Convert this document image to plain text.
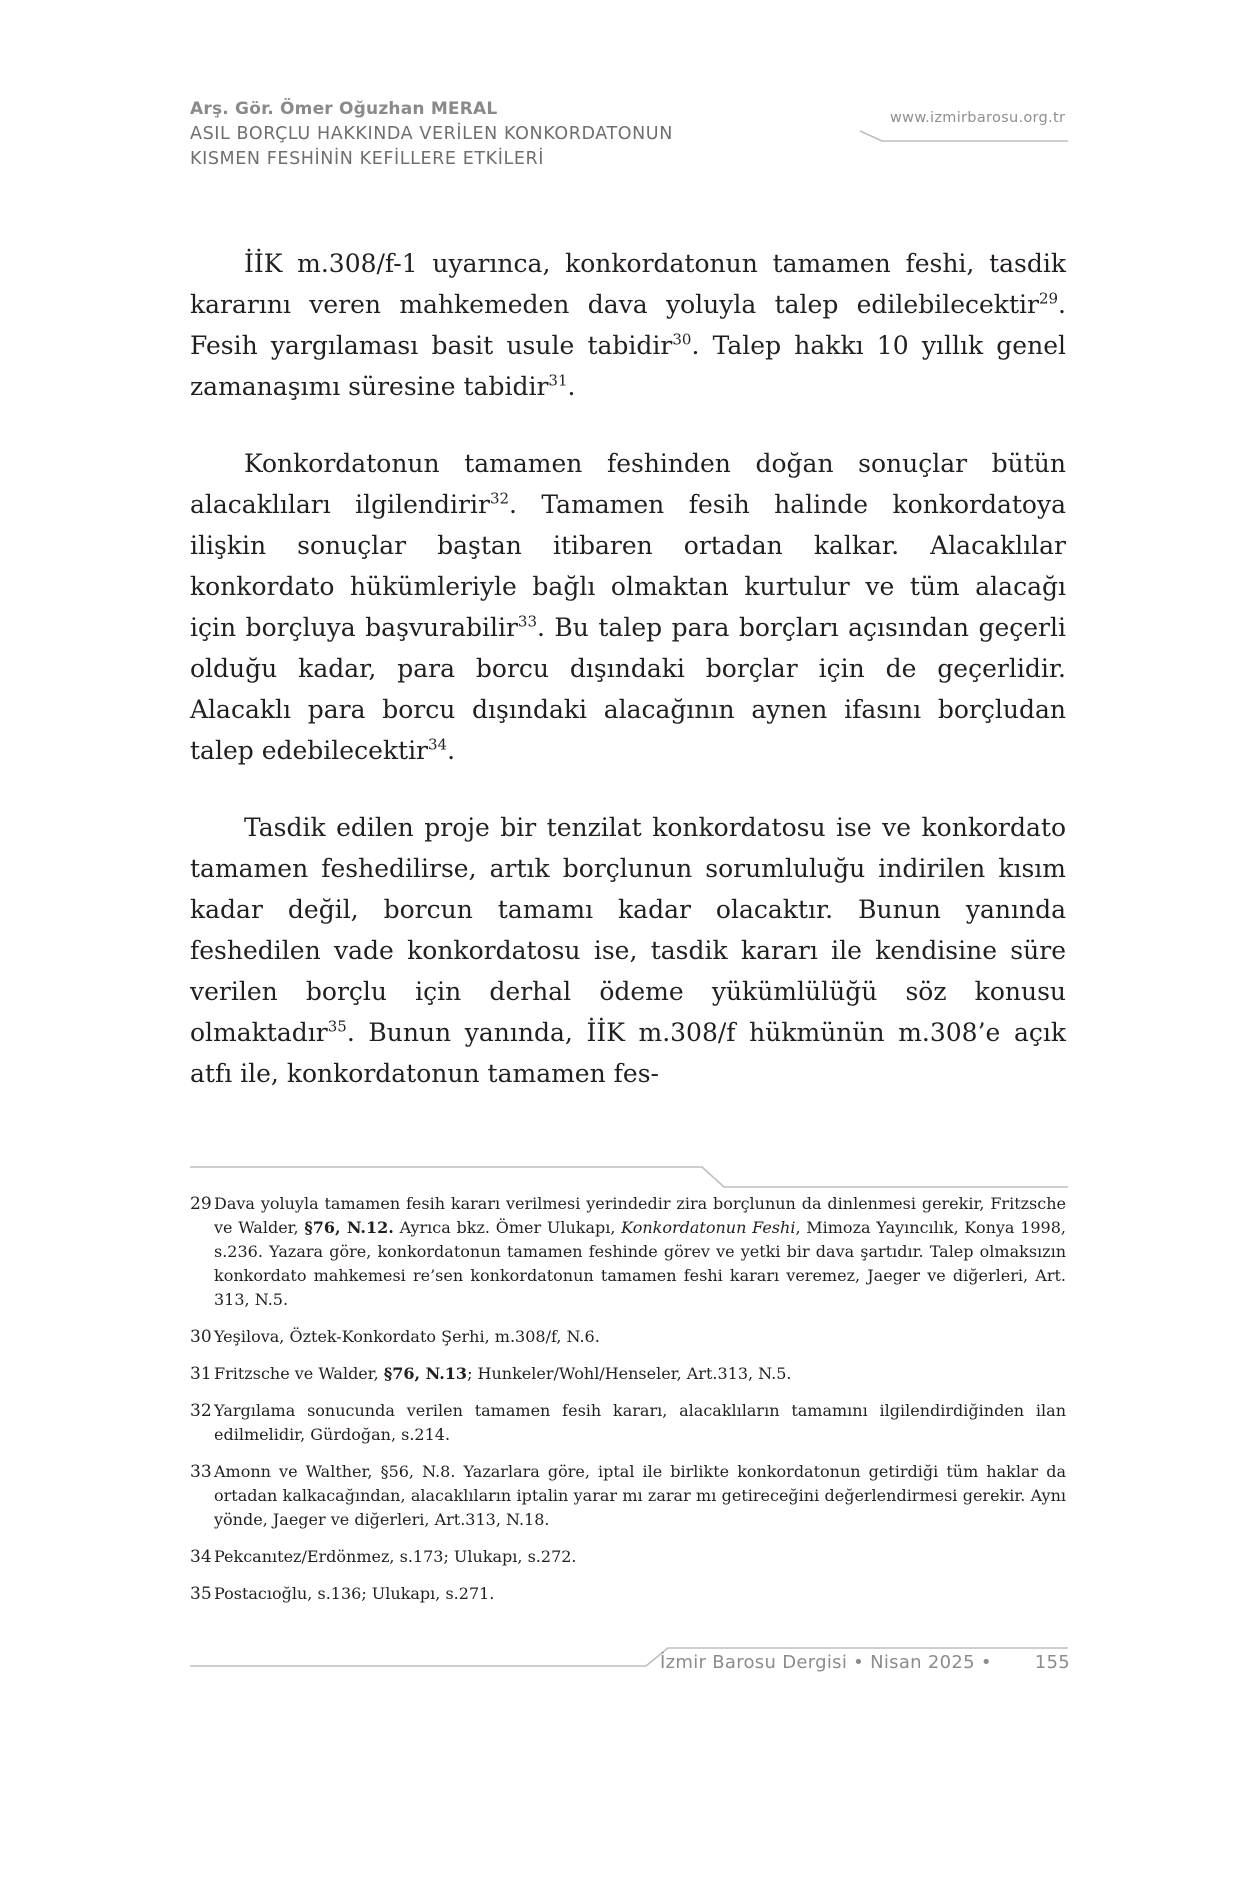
Arş. Gör. Ömer Oğuzhan MERAL
ASIL BORÇLU HAKKINDA VERİLEN KONKORDATONUN
KISMEN FESHİNİN KEFİLLERE ETKİLERİ
www.izmirbarosu.org.tr

İİK m.308/f-1 uyarınca, konkordatonun tamamen feshi, tasdik kararını veren mahkemeden dava yoluyla talep edilebilecektir$^{29}$. Fesih yargılaması basit usule tabidir$^{30}$. Talep hakkı 10 yıllık genel zamanaşımı süresine tabidir$^{31}$.

Konkordatonun tamamen feshinden doğan sonuçlar bütün alacaklıları ilgilendirir$^{32}$. Tamamen fesih halinde konkordatoya ilişkin sonuçlar baştan itibaren ortadan kalkar. Alacaklılar konkordato hükümleriyle bağlı olmaktan kurtulur ve tüm alacağı için borçluya başvurabilir$^{33}$. Bu talep para borçları açısından geçerli olduğu kadar, para borcu dışındaki borçlar için de geçerlidir. Alacaklı para borcu dışındaki alacağının aynen ifasını borçludan talep edebilecektir$^{34}$.

Tasdik edilen proje bir tenzilat konkordatosu ise ve konkordato tamamen feshedilirse, artık borçlunun sorumluluğu indirilen kısım kadar değil, borcun tamamı kadar olacaktır. Bunun yanında feshedilen vade konkordatosu ise, tasdik kararı ile kendisine süre verilen borçlu için derhal ödeme yükümlülüğü söz konusu olmaktadır$^{35}$. Bunun yanında, İİK m.308/f hükmünün m.308’e açık atfı ile, konkordatonun tamamen fes-

29 Dava yoluyla tamamen fesih kararı verilmesi yerindedir zira borçlunun da dinlenmesi gerekir, Fritzsche ve Walder, §76, N.12. Ayrıca bkz. Ömer Ulukapı, Konkordatonun Feshi, Mimoza Yayıncılık, Konya 1998, s.236. Yazara göre, konkordatonun tamamen feshinde görev ve yetki bir dava şartıdır. Talep olmaksızın konkordato mahkemesi re’sen konkordatonun tamamen feshi kararı veremez, Jaeger ve diğerleri, Art. 313, N.5.
30 Yeşilova, Öztek-Konkordato Şerhi, m.308/f, N.6.
31 Fritzsche ve Walder, §76, N.13; Hunkeler/Wohl/Henseler, Art.313, N.5.
32 Yargılama sonucunda verilen tamamen fesih kararı, alacaklıların tamamını ilgilendirdiğinden ilan edilmelidir, Gürdoğan, s.214.
33 Amonn ve Walther, §56, N.8. Yazarlara göre, iptal ile birlikte konkordatonun getirdiği tüm haklar da ortadan kalkacağından, alacaklıların iptalin yarar mı zarar mı getireceğini değerlendirmesi gerekir. Aynı yönde, Jaeger ve diğerleri, Art.313, N.18.
34 Pekcanıtez/Erdönmez, s.173; Ulukapı, s.272.
35 Postacıoğlu, s.136; Ulukapı, s.271.
İzmir Barosu Dergisi • Nisan 2025 • 155
